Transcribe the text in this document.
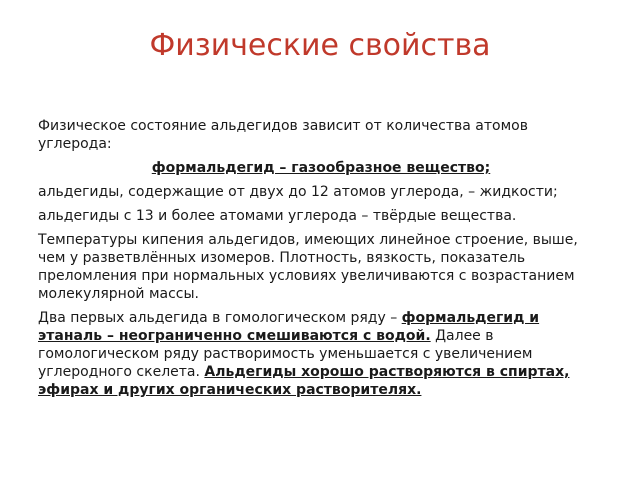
Физические свойства

Физическое состояние альдегидов зависит от количества атомов углерода:

формальдегид – газообразное вещество;

альдегиды, содержащие от двух до 12 атомов углерода, – жидкости;

альдегиды с 13 и более атомами углерода – твёрдые вещества.

Температуры кипения альдегидов, имеющих линейное строение, выше, чем у разветвлённых изомеров. Плотность, вязкость, показатель преломления при нормальных условиях увеличиваются с возрастанием молекулярной массы.

Два первых альдегида в гомологическом ряду – формальдегид и этаналь – неограниченно смешиваются с водой. Далее в гомологическом ряду растворимость уменьшается с увеличением углеродного скелета. Альдегиды хорошо растворяются в спиртах, эфирах и других органических растворителях.
